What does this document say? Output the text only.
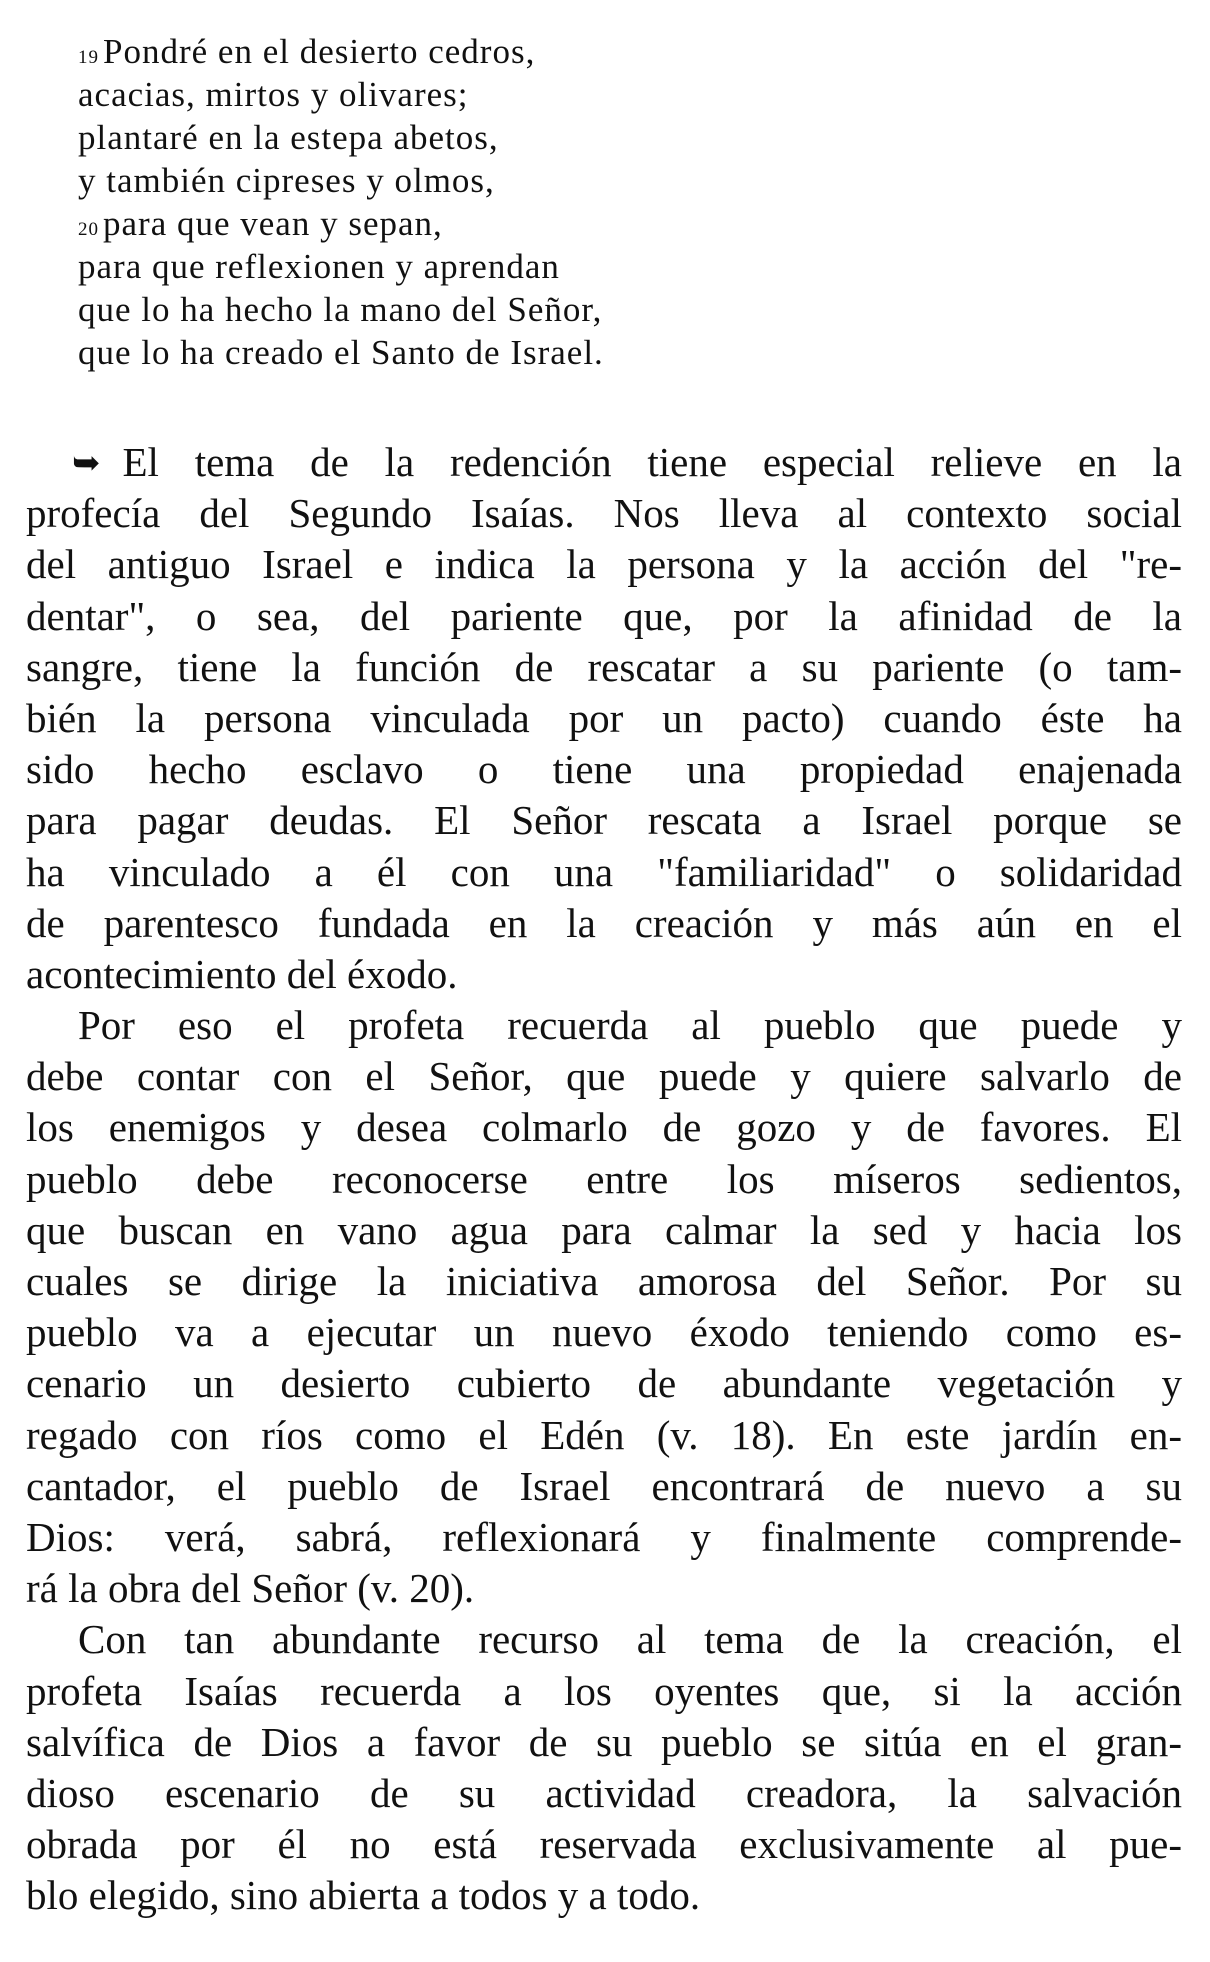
19 Pondré en el desierto cedros,
acacias, mirtos y olivares;
plantaré en la estepa abetos,
y también cipreses y olmos,
20 para que vean y sepan,
para que reflexionen y aprendan
que lo ha hecho la mano del Señor,
que lo ha creado el Santo de Israel.
➥ El tema de la redención tiene especial relieve en la
profecía del Segundo Isaías. Nos lleva al contexto social
del antiguo Israel e indica la persona y la acción del "re-
dentar", o sea, del pariente que, por la afinidad de la
sangre, tiene la función de rescatar a su pariente (o tam-
bién la persona vinculada por un pacto) cuando éste ha
sido hecho esclavo o tiene una propiedad enajenada
para pagar deudas. El Señor rescata a Israel porque se
ha vinculado a él con una "familiaridad" o solidaridad
de parentesco fundada en la creación y más aún en el
acontecimiento del éxodo.
Por eso el profeta recuerda al pueblo que puede y
debe contar con el Señor, que puede y quiere salvarlo de
los enemigos y desea colmarlo de gozo y de favores. El
pueblo debe reconocerse entre los míseros sedientos,
que buscan en vano agua para calmar la sed y hacia los
cuales se dirige la iniciativa amorosa del Señor. Por su
pueblo va a ejecutar un nuevo éxodo teniendo como es-
cenario un desierto cubierto de abundante vegetación y
regado con ríos como el Edén (v. 18). En este jardín en-
cantador, el pueblo de Israel encontrará de nuevo a su
Dios: verá, sabrá, reflexionará y finalmente comprende-
rá la obra del Señor (v. 20).
Con tan abundante recurso al tema de la creación, el
profeta Isaías recuerda a los oyentes que, si la acción
salvífica de Dios a favor de su pueblo se sitúa en el gran-
dioso escenario de su actividad creadora, la salvación
obrada por él no está reservada exclusivamente al pue-
blo elegido, sino abierta a todos y a todo.
